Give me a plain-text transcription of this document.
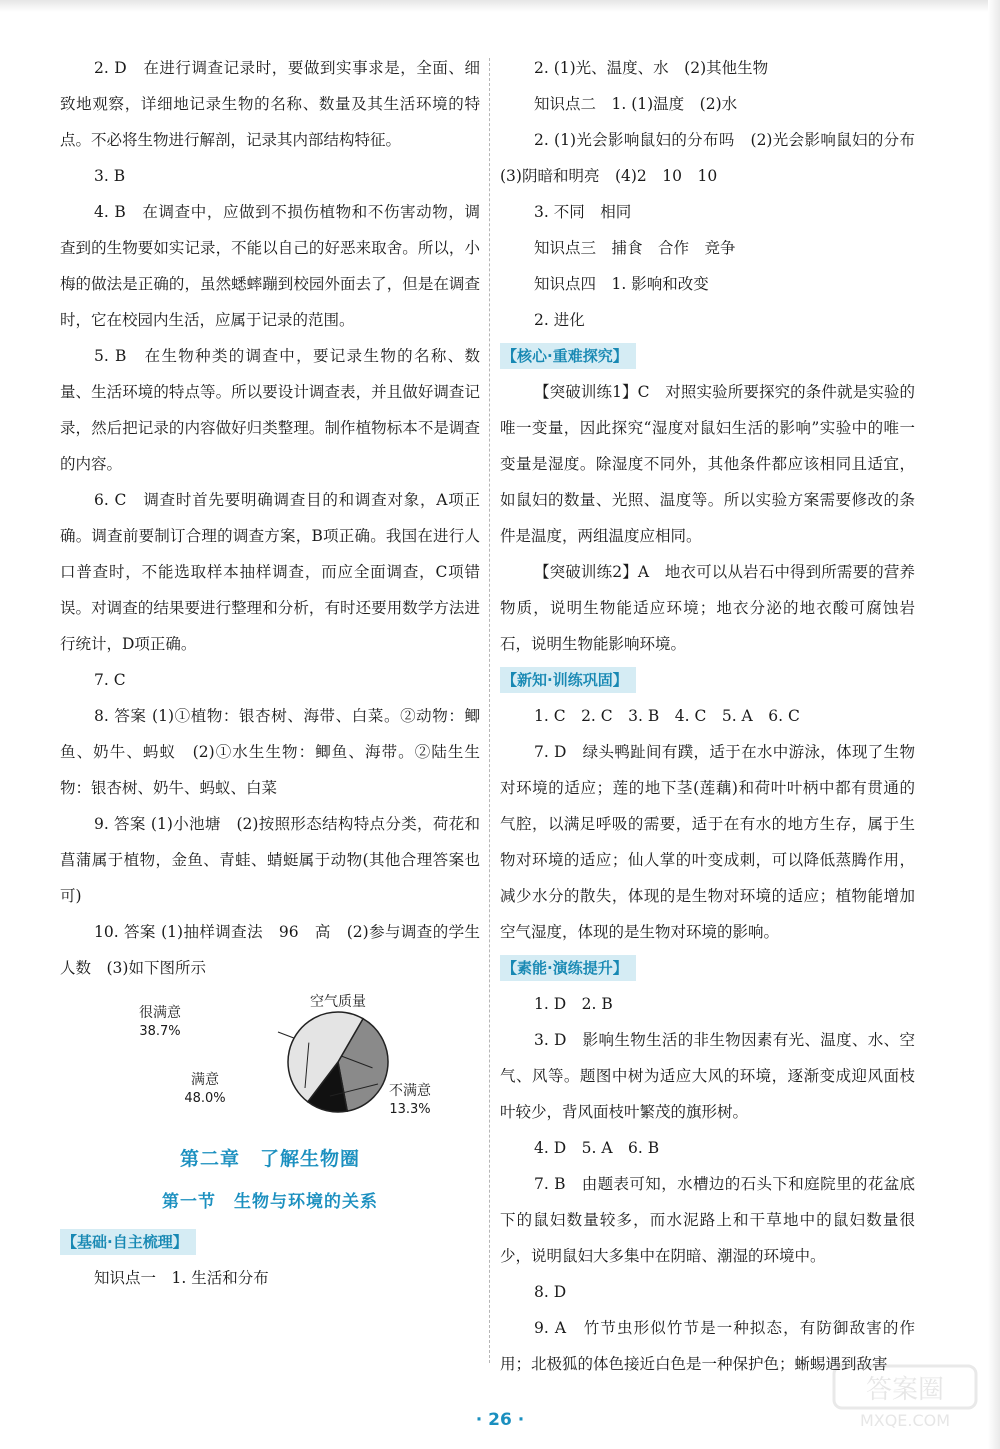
2. D　在进行调查记录时，要做到实事求是，全面、细致地观察，详细地记录生物的名称、数量及其生活环境的特点。不必将生物进行解剖，记录其内部结构特征。

3. B

4. B　在调查中，应做到不损伤植物和不伤害动物，调查到的生物要如实记录，不能以自己的好恶来取舍。所以，小梅的做法是正确的，虽然蟋蟀蹦到校园外面去了，但是在调查时，它在校园内生活，应属于记录的范围。

5. B　在生物种类的调查中，要记录生物的名称、数量、生活环境的特点等。所以要设计调查表，并且做好调查记录，然后把记录的内容做好归类整理。制作植物标本不是调查的内容。

6. C　调查时首先要明确调查目的和调查对象，A项正确。调查前要制订合理的调查方案，B项正确。我国在进行人口普查时，不能选取样本抽样调查，而应全面调查，C项错误。对调查的结果要进行整理和分析，有时还要用数学方法进行统计，D项正确。

7. C

8. 答案 (1)①植物：银杏树、海带、白菜。②动物：鲫鱼、奶牛、蚂蚁　(2)①水生生物：鲫鱼、海带。②陆生生物：银杏树、奶牛、蚂蚁、白菜

9. 答案 (1)小池塘　(2)按照形态结构特点分类，荷花和菖蒲属于植物，金鱼、青蛙、蜻蜓属于动物(其他合理答案也可)

10. 答案 (1)抽样调查法　96　高　(2)参与调查的学生人数　(3)如下图所示

很满意
38.7%
不满意
13.3%
满意
48.0%
空气质量
第二章　了解生物圈
第一节　生物与环境的关系
【基础·自主梳理】

知识点一　1. 生活和分布

2. (1)光、温度、水　(2)其他生物

知识点二　1. (1)温度　(2)水

2. (1)光会影响鼠妇的分布吗　(2)光会影响鼠妇的分布　(3)阴暗和明亮　(4)2　10　10

3. 不同　相同

知识点三　捕食　合作　竞争

知识点四　1. 影响和改变

2. 进化

【核心·重难探究】

【突破训练1】C　对照实验所要探究的条件就是实验的唯一变量，因此探究“湿度对鼠妇生活的影响”实验中的唯一变量是湿度。除湿度不同外，其他条件都应该相同且适宜，如鼠妇的数量、光照、温度等。所以实验方案需要修改的条件是温度，两组温度应相同。

【突破训练2】A　地衣可以从岩石中得到所需要的营养物质，说明生物能适应环境；地衣分泌的地衣酸可腐蚀岩石，说明生物能影响环境。

【新知·训练巩固】

1. C　2. C　3. B　4. C　5. A　6. C

7. D　绿头鸭趾间有蹼，适于在水中游泳，体现了生物对环境的适应；莲的地下茎(莲藕)和荷叶叶柄中都有贯通的气腔，以满足呼吸的需要，适于在有水的地方生存，属于生物对环境的适应；仙人掌的叶变成刺，可以降低蒸腾作用，减少水分的散失，体现的是生物对环境的适应；植物能增加空气湿度，体现的是生物对环境的影响。

【素能·演练提升】

1. D　2. B

3. D　影响生物生活的非生物因素有光、温度、水、空气、风等。题图中树为适应大风的环境，逐渐变成迎风面枝叶较少，背风面枝叶繁茂的旗形树。

4. D　5. A　6. B

7. B　由题表可知，水槽边的石头下和庭院里的花盆底下的鼠妇数量较多，而水泥路上和干草地中的鼠妇数量很少，说明鼠妇大多集中在阴暗、潮湿的环境中。

8. D

9. A　竹节虫形似竹节是一种拟态，有防御敌害的作用；北极狐的体色接近白色是一种保护色；蜥蜴遇到敌害

· 26 ·
答案圈
MXQE.COM
